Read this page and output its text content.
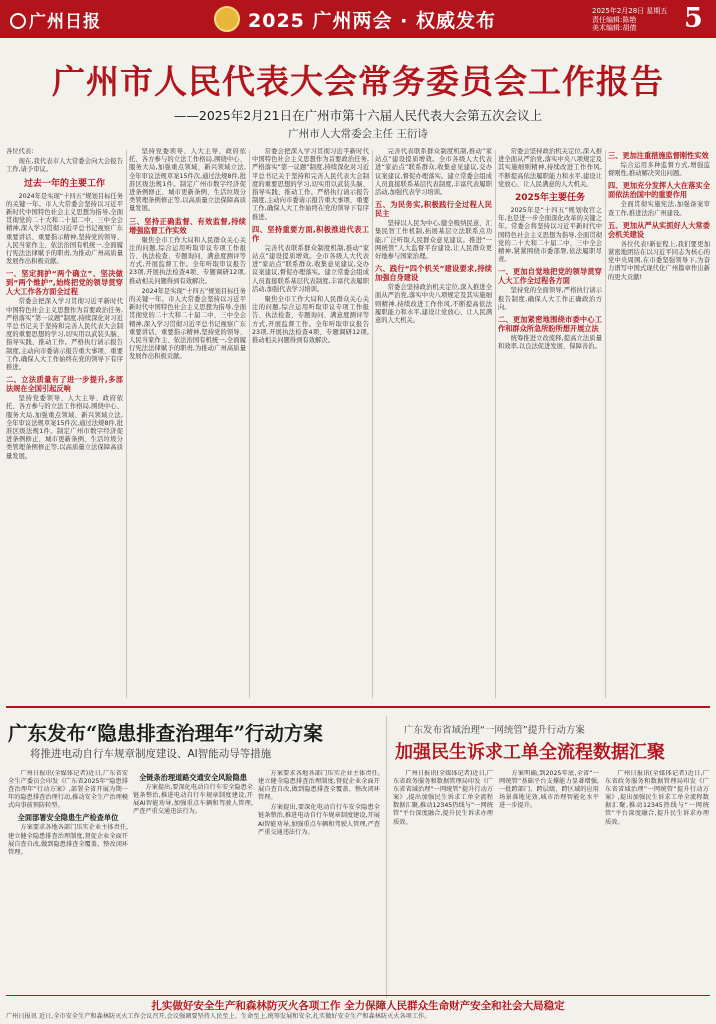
广州日报	2025 广州两会 · 权威发布	2025年2月28日 星期五
责任编辑:陈艳
美术编辑:胡倩	5
广州市人民代表大会常务委员会工作报告
——2025年2月21日在广州市第十六届人民代表大会第五次会议上
广州市人大常委会主任 王衍诗

各位代表:

现在,我代表市人大常委会向大会报告工作,请予审议。

过去一年的主要工作

2024年是实现“十四五”规划目标任务的关键一年。市人大常委会坚持以习近平新时代中国特色社会主义思想为指导,全面贯彻党的二十大和二十届二中、三中全会精神,深入学习贯彻习近平总书记视察广东重要讲话、重要指示精神,坚持党的领导、人民当家作主、依法治国有机统一,全面履行宪法法律赋予的职责,为推动广州高质量发展作出积极贡献。

一、坚定拥护“两个确立”、坚决做到“两个维护”,始终把党的领导贯穿人大工作各方面全过程

常委会把深入学习贯彻习近平新时代中国特色社会主义思想作为首要政治任务,严格落实“第一议题”制度,持续深化对习近平总书记关于坚持和完善人民代表大会制度的重要思想的学习,切实用以武装头脑、指导实践、推动工作。严格执行请示报告制度,主动向市委请示报告重大事项、重要工作,确保人大工作始终在党的领导下有序推进。

二、立法质量有了进一步提升,多部法规在全国引起反响

坚持党委领导、人大主导、政府依托、各方参与的立法工作格局,围绕中心、服务大局,加强重点领域、新兴领域立法,全年审议法规草案15件次,通过法规8件,批准区级法规1件。制定广州市数字经济促进条例修正、城市更新条例、生活垃圾分类管理条例修正等,以高质量立法保障高质量发展。

坚持党委领导、人大主导、政府依托、各方参与的立法工作格局,围绕中心、服务大局,加强重点领域、新兴领域立法,全年审议法规草案15件次,通过法规8件,批准区级法规1件。制定广州市数字经济促进条例修正、城市更新条例、生活垃圾分类管理条例修正等,以高质量立法保障高质量发展。

三、坚持正确监督、有效监督,持续增强监督工作实效

聚焦全市工作大局和人民群众关心关注的问题,综合运用听取审议专项工作报告、执法检查、专题询问、满意度测评等方式,开展监督工作。全年听取审议报告23项,开展执法检查4项、专题调研12项,推动相关问题得到有效解决。

2024年是实现“十四五”规划目标任务的关键一年。市人大常委会坚持以习近平新时代中国特色社会主义思想为指导,全面贯彻党的二十大和二十届二中、三中全会精神,深入学习贯彻习近平总书记视察广东重要讲话、重要指示精神,坚持党的领导、人民当家作主、依法治国有机统一,全面履行宪法法律赋予的职责,为推动广州高质量发展作出积极贡献。

常委会把深入学习贯彻习近平新时代中国特色社会主义思想作为首要政治任务,严格落实“第一议题”制度,持续深化对习近平总书记关于坚持和完善人民代表大会制度的重要思想的学习,切实用以武装头脑、指导实践、推动工作。严格执行请示报告制度,主动向市委请示报告重大事项、重要工作,确保人大工作始终在党的领导下有序推进。

四、坚持重要方面,积极推进代表工作

完善代表联系群众制度机制,推动“家站点”建设提质增效。全市各级人大代表进“家站点”联系群众,收集意见建议,交办议案建议,督促办理落实。建立常委会组成人员直接联系基层代表制度,丰富代表履职活动,加强代表学习培训。

聚焦全市工作大局和人民群众关心关注的问题,综合运用听取审议专项工作报告、执法检查、专题询问、满意度测评等方式,开展监督工作。全年听取审议报告23项,开展执法检查4项、专题调研12项,推动相关问题得到有效解决。

完善代表联系群众制度机制,推动“家站点”建设提质增效。全市各级人大代表进“家站点”联系群众,收集意见建议,交办议案建议,督促办理落实。建立常委会组成人员直接联系基层代表制度,丰富代表履职活动,加强代表学习培训。

五、为民务实,积极践行全过程人民民主

坚持以人民为中心,健全吸纳民意、汇集民智工作机制,拓展基层立法联系点功能,广泛听取人民群众意见建议。推进“一网统管”人大监督平台建设,让人民群众更好地参与国家治理。

六、践行“四个机关”建设要求,持续加强自身建设

常委会坚持政治机关定位,深入推进全面从严治党,落实中央八项规定及其实施细则精神,持续改进工作作风,不断提高依法履职能力和水平,建设让党放心、让人民满意的人大机关。

常委会坚持政治机关定位,深入推进全面从严治党,落实中央八项规定及其实施细则精神,持续改进工作作风,不断提高依法履职能力和水平,建设让党放心、让人民满意的人大机关。

2025年主要任务

2025年是“十四五”规划收官之年,也是进一步全面深化改革的关键之年。常委会将坚持以习近平新时代中国特色社会主义思想为指导,全面贯彻党的二十大和二十届二中、三中全会精神,紧紧围绕市委部署,依法履职尽责。

一、更加自觉地把党的领导贯穿人大工作全过程各方面

坚持党的全面领导,严格执行请示报告制度,确保人大工作正确政治方向。

二、更加紧密地围绕市委中心工作和群众所急所盼所想开展立法

统筹推进立改废释,提高立法质量和效率,以良法促进发展、保障善治。

三、更加注重措施监督刚性实效

综合运用多种监督方式,增强监督刚性,推动解决突出问题。

四、更加充分发挥人大在落实全面依法治国中的重要作用

全面贯彻实施宪法,加强备案审查工作,推进法治广州建设。

五、更加从严从实抓好人大常委会机关建设

各位代表!新征程上,我们要更加紧密地团结在以习近平同志为核心的党中央周围,在市委坚强领导下,为奋力谱写中国式现代化广州篇章作出新的更大贡献!

广东发布“隐患排查治理年”行动方案
将推进电动自行车规章制度建设、AI智能动导等措施

广州日报讯(全媒体记者)近日,广东省安全生产委员会印发《广东省2025年“隐患排查治理年”行动方案》,部署全省开展为期一年的隐患排查治理行动,推动安全生产治理模式向事前预防转型。

全面部署安全隐患生产检查单位

方案要求各地各部门压实企业主体责任,建立健全隐患排查治理制度,督促企业全面开展自查自改,做到隐患排查全覆盖、整改闭环管理。

全链条治理道路交通安全风险隐患

方案提出,要深化电动自行车安全隐患全链条整治,推进电动自行车规章制度建设,开展AI智能劝导,加强重点车辆和驾驶人管理,严查严重交通违法行为。

方案要求各地各部门压实企业主体责任,建立健全隐患排查治理制度,督促企业全面开展自查自改,做到隐患排查全覆盖、整改闭环管理。

方案提出,要深化电动自行车安全隐患全链条整治,推进电动自行车规章制度建设,开展AI智能劝导,加强重点车辆和驾驶人管理,严查严重交通违法行为。

广东发布省域治理“一网统管”提升行动方案
加强民生诉求工单全流程数据汇聚

广州日报讯(全媒体记者)近日,广东省政务服务和数据管理局印发《广东省省域治理“一网统管”提升行动方案》,提出加强民生诉求工单全流程数据汇聚,推动12345热线与“一网统管”平台深度融合,提升民生诉求办理质效。

方案明确,到2025年底,全省“一网统管”基础平台支撑能力显著增强,一批跨部门、跨层级、跨区域的应用场景落地见效,城市治理智能化水平进一步提升。

广州日报讯(全媒体记者)近日,广东省政务服务和数据管理局印发《广东省省域治理“一网统管”提升行动方案》,提出加强民生诉求工单全流程数据汇聚,推动12345热线与“一网统管”平台深度融合,提升民生诉求办理质效。

扎实做好安全生产和森林防灭火各项工作 全力保障人民群众生命财产安全和社会大局稳定
广州日报讯 近日,全市安全生产和森林防灭火工作会议召开,会议强调要坚持人民至上、生命至上,统筹发展和安全,扎实做好安全生产和森林防灭火各项工作。
